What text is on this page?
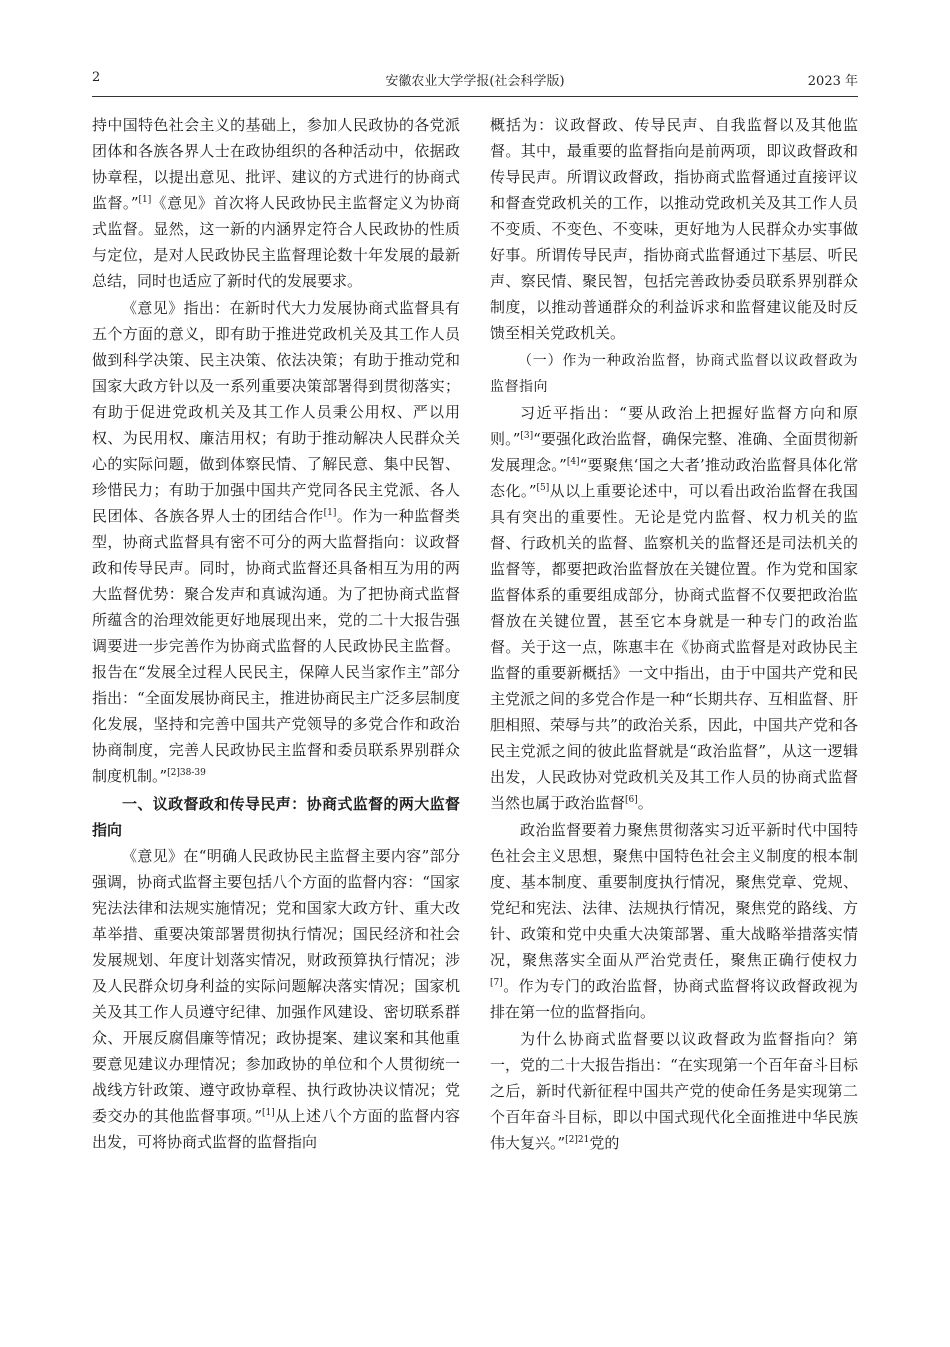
2	安徽农业大学学报(社会科学版)	2023 年

持中国特色社会主义的基础上，参加人民政协的各党派团体和各族各界人士在政协组织的各种活动中，依据政协章程，以提出意见、批评、建议的方式进行的协商式监督。”[1]《意见》首次将人民政协民主监督定义为协商式监督。显然，这一新的内涵界定符合人民政协的性质与定位，是对人民政协民主监督理论数十年发展的最新总结，同时也适应了新时代的发展要求。

《意见》指出：在新时代大力发展协商式监督具有五个方面的意义，即有助于推进党政机关及其工作人员做到科学决策、民主决策、依法决策；有助于推动党和国家大政方针以及一系列重要决策部署得到贯彻落实；有助于促进党政机关及其工作人员秉公用权、严以用权、为民用权、廉洁用权；有助于推动解决人民群众关心的实际问题，做到体察民情、了解民意、集中民智、珍惜民力；有助于加强中国共产党同各民主党派、各人民团体、各族各界人士的团结合作[1]。作为一种监督类型，协商式监督具有密不可分的两大监督指向：议政督政和传导民声。同时，协商式监督还具备相互为用的两大监督优势：聚合发声和真诚沟通。为了把协商式监督所蕴含的治理效能更好地展现出来，党的二十大报告强调要进一步完善作为协商式监督的人民政协民主监督。报告在“发展全过程人民民主，保障人民当家作主”部分指出：“全面发展协商民主，推进协商民主广泛多层制度化发展，坚持和完善中国共产党领导的多党合作和政治协商制度，完善人民政协民主监督和委员联系界别群众制度机制。”$^{[2]38-39}$

一、议政督政和传导民声：协商式监督的两大监督指向

《意见》在“明确人民政协民主监督主要内容”部分强调，协商式监督主要包括八个方面的监督内容：“国家宪法法律和法规实施情况；党和国家大政方针、重大改革举措、重要决策部署贯彻执行情况；国民经济和社会发展规划、年度计划落实情况，财政预算执行情况；涉及人民群众切身利益的实际问题解决落实情况；国家机关及其工作人员遵守纪律、加强作风建设、密切联系群众、开展反腐倡廉等情况；政协提案、建议案和其他重要意见建议办理情况；参加政协的单位和个人贯彻统一战线方针政策、遵守政协章程、执行政协决议情况；党委交办的其他监督事项。”[1]从上述八个方面的监督内容出发，可将协商式监督的监督指向

概括为：议政督政、传导民声、自我监督以及其他监督。其中，最重要的监督指向是前两项，即议政督政和传导民声。所谓议政督政，指协商式监督通过直接评议和督查党政机关的工作，以推动党政机关及其工作人员不变质、不变色、不变味，更好地为人民群众办实事做好事。所谓传导民声，指协商式监督通过下基层、听民声、察民情、聚民智，包括完善政协委员联系界别群众制度，以推动普通群众的利益诉求和监督建议能及时反馈至相关党政机关。

（一）作为一种政治监督，协商式监督以议政督政为监督指向

习近平指出：“要从政治上把握好监督方向和原则。”[3]“要强化政治监督，确保完整、准确、全面贯彻新发展理念。”[4]“要聚焦‘国之大者’推动政治监督具体化常态化。”[5]从以上重要论述中，可以看出政治监督在我国具有突出的重要性。无论是党内监督、权力机关的监督、行政机关的监督、监察机关的监督还是司法机关的监督等，都要把政治监督放在关键位置。作为党和国家监督体系的重要组成部分，协商式监督不仅要把政治监督放在关键位置，甚至它本身就是一种专门的政治监督。关于这一点，陈惠丰在《协商式监督是对政协民主监督的重要新概括》一文中指出，由于中国共产党和民主党派之间的多党合作是一种“长期共存、互相监督、肝胆相照、荣辱与共”的政治关系，因此，中国共产党和各民主党派之间的彼此监督就是“政治监督”，从这一逻辑出发，人民政协对党政机关及其工作人员的协商式监督当然也属于政治监督[6]。

政治监督要着力聚焦贯彻落实习近平新时代中国特色社会主义思想，聚焦中国特色社会主义制度的根本制度、基本制度、重要制度执行情况，聚焦党章、党规、党纪和宪法、法律、法规执行情况，聚焦党的路线、方针、政策和党中央重大决策部署、重大战略举措落实情况，聚焦落实全面从严治党责任，聚焦正确行使权力[7]。作为专门的政治监督，协商式监督将议政督政视为排在第一位的监督指向。

为什么协商式监督要以议政督政为监督指向？第一，党的二十大报告指出：“在实现第一个百年奋斗目标之后，新时代新征程中国共产党的使命任务是实现第二个百年奋斗目标，即以中国式现代化全面推进中华民族伟大复兴。”$^{[2]21}$党的
